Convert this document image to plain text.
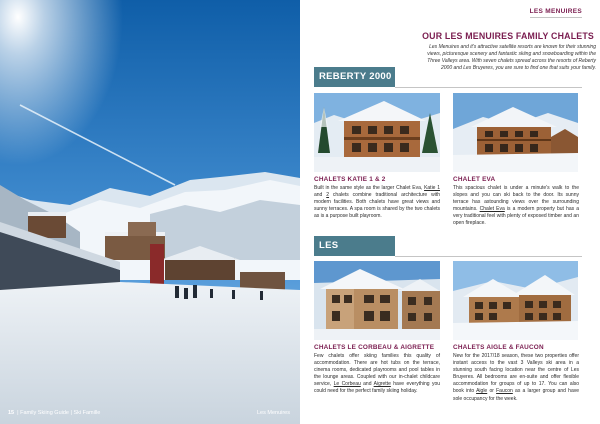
15 | Family Skiing Guide | Ski Famille	Les Menuires
LES MENUIRES
OUR LES MENUIRES FAMILY CHALETS
Les Menuires and it's attractive satellite resorts are known for their stunning views, picturesque scenery and fantastic skiing and snowboarding within the Three Valleys area. With seven chalets spread across the resorts of Reberty 2000 and Les Bruyeres, you are sure to find one that suits your family.
REBERTY 2000
CHALETS KATIE 1 & 2
Built in the same style as the larger Chalet Eva, Katie 1 and 2 chalets combine traditional architecture with modern facilities. Both chalets have great views and sunny terraces. A spa room is shared by the two chalets as is a purpose built playroom.
CHALET EVA
This spacious chalet is under a minute's walk to the slopes and you can ski back to the door. Its sunny terrace has astounding views over the surrounding mountains. Chalet Eva is a modern property but has a very traditional feel with plenty of exposed timber and an open fireplace.
LES
CHALETS LE CORBEAU & AIGRETTE
Few chalets offer skiing families this quality of accommodation. There are hot tubs on the terrace, cinema rooms, dedicated playrooms and pool tables in the lounge areas. Coupled with our in-chalet childcare service, Le Corbeau and Aigrette have everything you could need for the perfect family skiing holiday.
CHALETS AIGLE & FAUCON
New for the 2017/18 season, these two properties offer instant access to the vast 3 Valleys ski area in a stunning south facing location near the centre of Les Bruyeres. All bedrooms are en-suite and offer flexible accommodation for groups of up to 17. You can also book into Aigle or Faucon as a larger group and have sole occupancy for the week.
